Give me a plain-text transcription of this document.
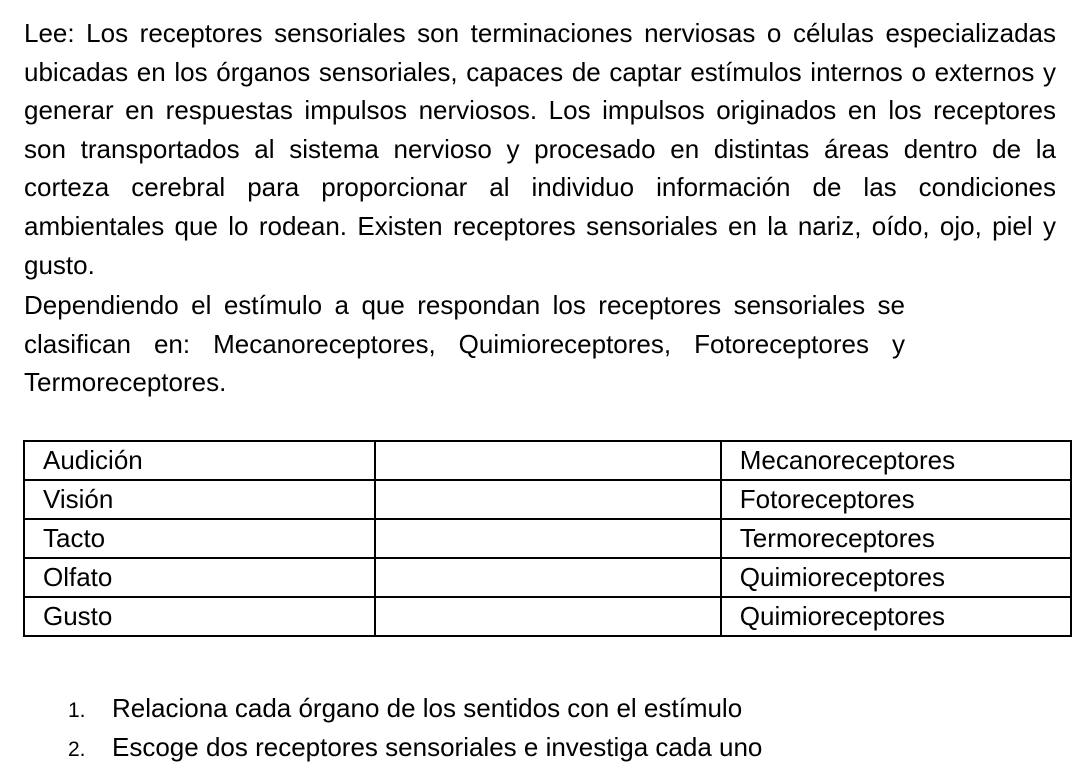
Lee: Los receptores sensoriales son terminaciones nerviosas o células especializadas ubicadas en los órganos sensoriales, capaces de captar estímulos internos o externos y generar en respuestas impulsos nerviosos. Los impulsos originados en los receptores son transportados al sistema nervioso y procesado en distintas áreas dentro de la corteza cerebral para proporcionar al individuo información de las condiciones ambientales que lo rodean. Existen receptores sensoriales en la nariz, oído, ojo, piel y gusto.

Dependiendo el estímulo a que respondan los receptores sensoriales se clasifican en: Mecanoreceptores, Quimioreceptores, Fotoreceptores y Termoreceptores.

Audición		Mecanoreceptores
Visión		Fotoreceptores
Tacto		Termoreceptores
Olfato		Quimioreceptores
Gusto		Quimioreceptores
1.	Relaciona cada órgano de los sentidos con el estímulo
2.	Escoge dos receptores sensoriales e investiga cada uno
